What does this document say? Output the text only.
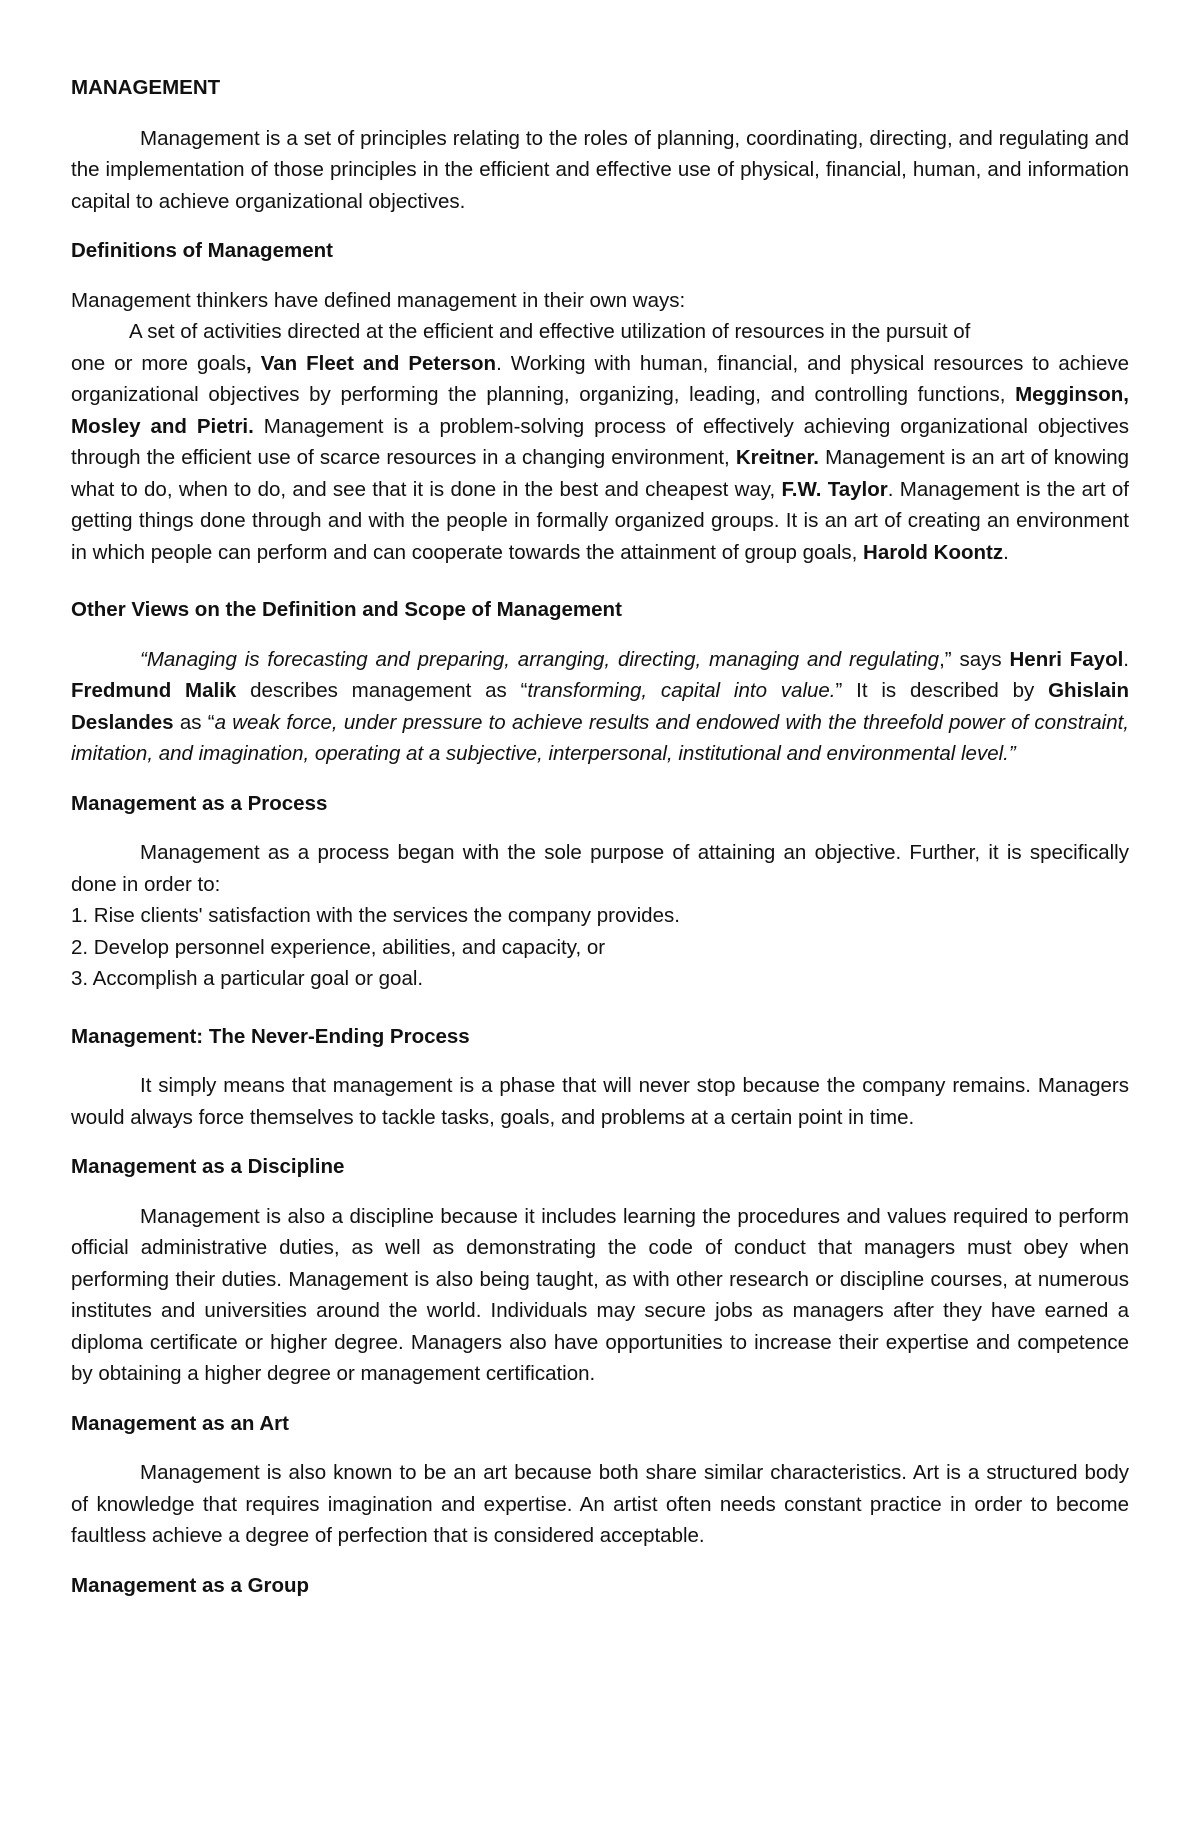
MANAGEMENT

Management is a set of principles relating to the roles of planning, coordinating, directing, and regulating and the implementation of those principles in the efficient and effective use of physical, financial, human, and information capital to achieve organizational objectives.

Definitions of Management

Management thinkers have defined management in their own ways:

A set of activities directed at the efficient and effective utilization of resources in the pursuit of
one or more goals, Van Fleet and Peterson. Working with human, financial, and physical resources to achieve organizational objectives by performing the planning, organizing, leading, and controlling functions, Megginson, Mosley and Pietri. Management is a problem-solving process of effectively achieving organizational objectives through the efficient use of scarce resources in a changing environment, Kreitner. Management is an art of knowing what to do, when to do, and see that it is done in the best and cheapest way, F.W. Taylor. Management is the art of getting things done through and with the people in formally organized groups. It is an art of creating an environment in which people can perform and can cooperate towards the attainment of group goals, Harold Koontz.

Other Views on the Definition and Scope of Management

“Managing is forecasting and preparing, arranging, directing, managing and regulating,” says Henri Fayol. Fredmund Malik describes management as “transforming, capital into value.” It is described by Ghislain Deslandes as “a weak force, under pressure to achieve results and endowed with the threefold power of constraint, imitation, and imagination, operating at a subjective, interpersonal, institutional and environmental level.”

Management as a Process

Management as a process began with the sole purpose of attaining an objective. Further, it is specifically done in order to:

1. Rise clients' satisfaction with the services the company provides.
2. Develop personnel experience, abilities, and capacity, or
3. Accomplish a particular goal or goal.
Management: The Never-Ending Process

It simply means that management is a phase that will never stop because the company remains. Managers would always force themselves to tackle tasks, goals, and problems at a certain point in time.

Management as a Discipline

Management is also a discipline because it includes learning the procedures and values required to perform official administrative duties, as well as demonstrating the code of conduct that managers must obey when performing their duties. Management is also being taught, as with other research or discipline courses, at numerous institutes and universities around the world. Individuals may secure jobs as managers after they have earned a diploma certificate or higher degree. Managers also have opportunities to increase their expertise and competence by obtaining a higher degree or management certification.

Management as an Art

Management is also known to be an art because both share similar characteristics. Art is a structured body of knowledge that requires imagination and expertise. An artist often needs constant practice in order to become faultless achieve a degree of perfection that is considered acceptable.

Management as a Group
